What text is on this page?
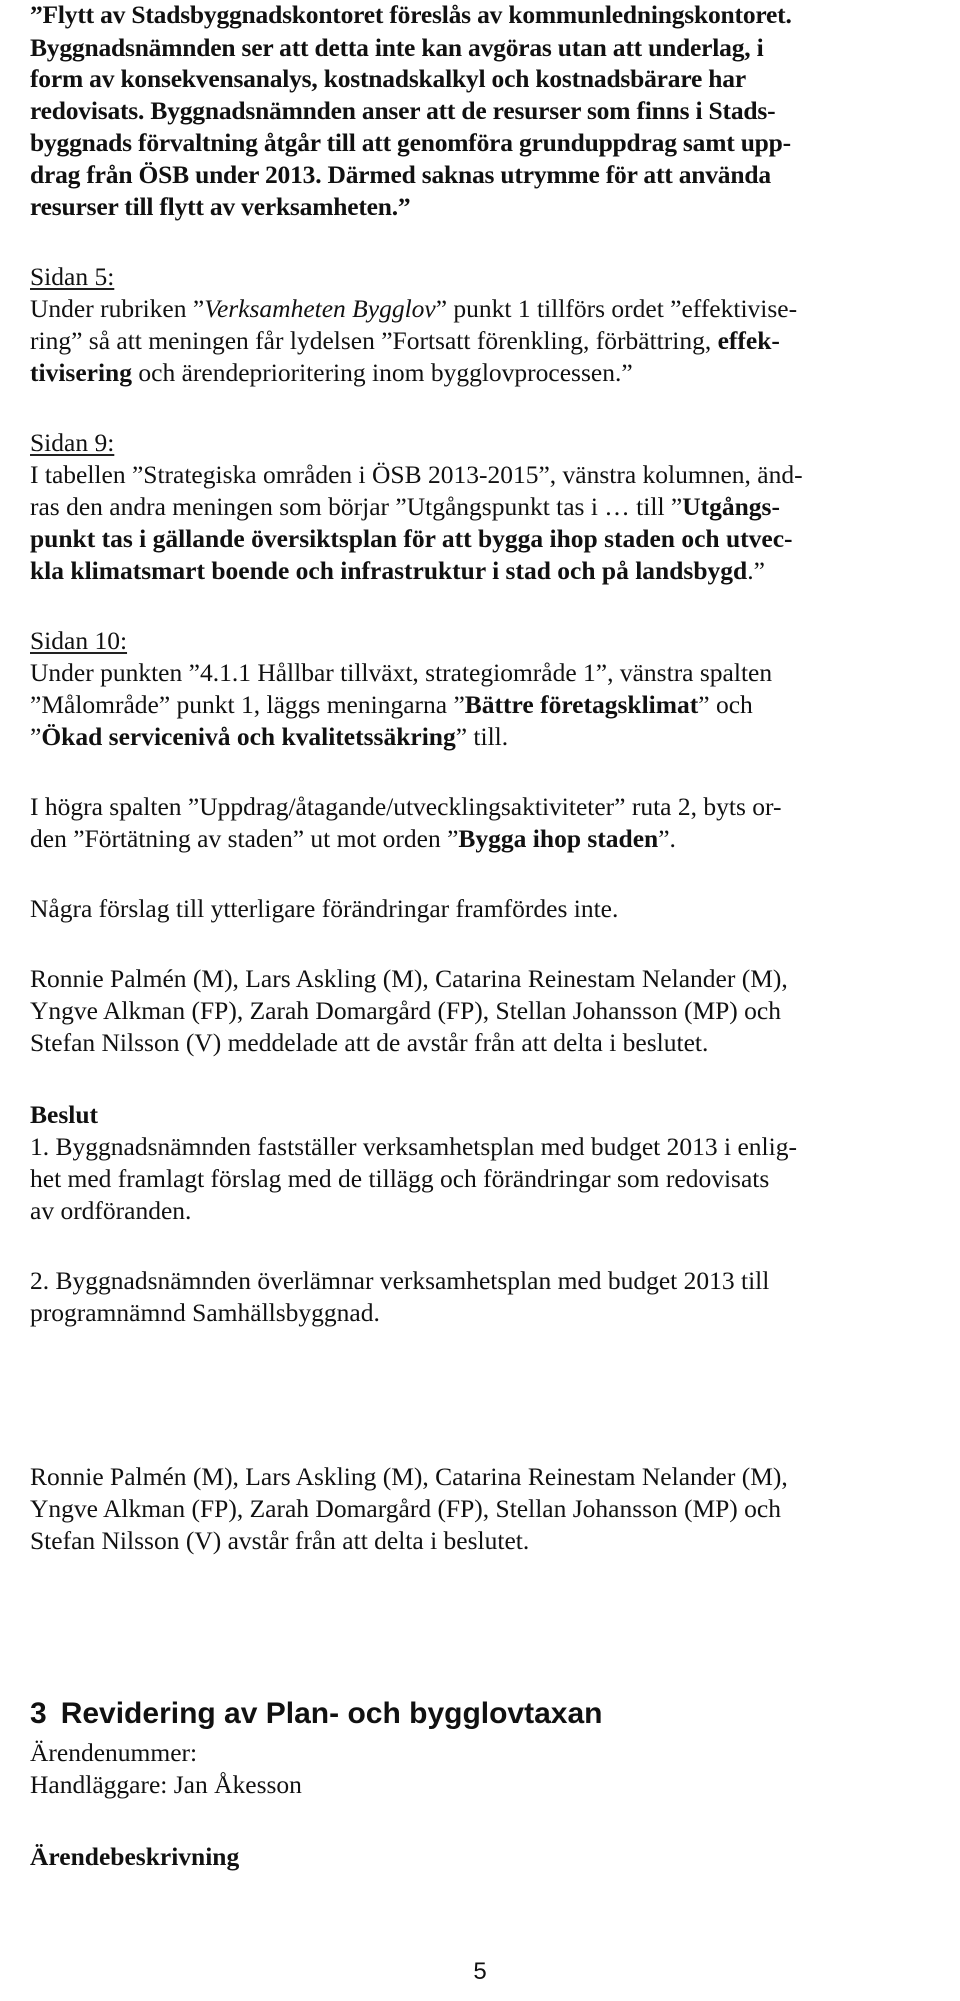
”Flytt av Stadsbyggnadskontoret föreslås av kommunledningskontoret.

Byggnadsnämnden ser att detta inte kan avgöras utan att underlag, i

form av konsekvensanalys, kostnadskalkyl och kostnadsbärare har

redovisats. Byggnadsnämnden anser att de resurser som finns i Stads-

byggnads förvaltning åtgår till att genomföra grunduppdrag samt upp-

drag från ÖSB under 2013. Därmed saknas utrymme för att använda

resurser till flytt av verksamheten.”

Sidan 5:

Under rubriken ”Verksamheten Bygglov” punkt 1 tillförs ordet ”effektivise-

ring” så att meningen får lydelsen ”Fortsatt förenkling, förbättring, effek-

tivisering och ärendeprioritering inom bygglovprocessen.”

Sidan 9:

I tabellen ”Strategiska områden i ÖSB 2013-2015”, vänstra kolumnen, änd-

ras den andra meningen som börjar ”Utgångspunkt tas i … till ”Utgångs-

punkt tas i gällande översiktsplan för att bygga ihop staden och utvec-

kla klimatsmart boende och infrastruktur i stad och på landsbygd.”

Sidan 10:

Under punkten ”4.1.1 Hållbar tillväxt, strategiområde 1”, vänstra spalten

”Målområde” punkt 1, läggs meningarna ”Bättre företagsklimat” och

”Ökad servicenivå och kvalitetssäkring” till.

I högra spalten ”Uppdrag/åtagande/utvecklingsaktiviteter” ruta 2, byts or-

den ”Förtätning av staden” ut mot orden ”Bygga ihop staden”.

Några förslag till ytterligare förändringar framfördes inte.

Ronnie Palmén (M), Lars Askling (M), Catarina Reinestam Nelander (M),

Yngve Alkman (FP), Zarah Domargård (FP), Stellan Johansson (MP) och

Stefan Nilsson (V) meddelade att de avstår från att delta i beslutet.

Beslut

1. Byggnadsnämnden fastställer verksamhetsplan med budget 2013 i enlig-

het med framlagt förslag med de tillägg och förändringar som redovisats

av ordföranden.

2. Byggnadsnämnden överlämnar verksamhetsplan med budget 2013 till

programnämnd Samhällsbyggnad.

Ronnie Palmén (M), Lars Askling (M), Catarina Reinestam Nelander (M),

Yngve Alkman (FP), Zarah Domargård (FP), Stellan Johansson (MP) och

Stefan Nilsson (V) avstår från att delta i beslutet.

3 Revidering av Plan- och bygglovtaxan

Ärendenummer:

Handläggare: Jan Åkesson

Ärendebeskrivning

5
